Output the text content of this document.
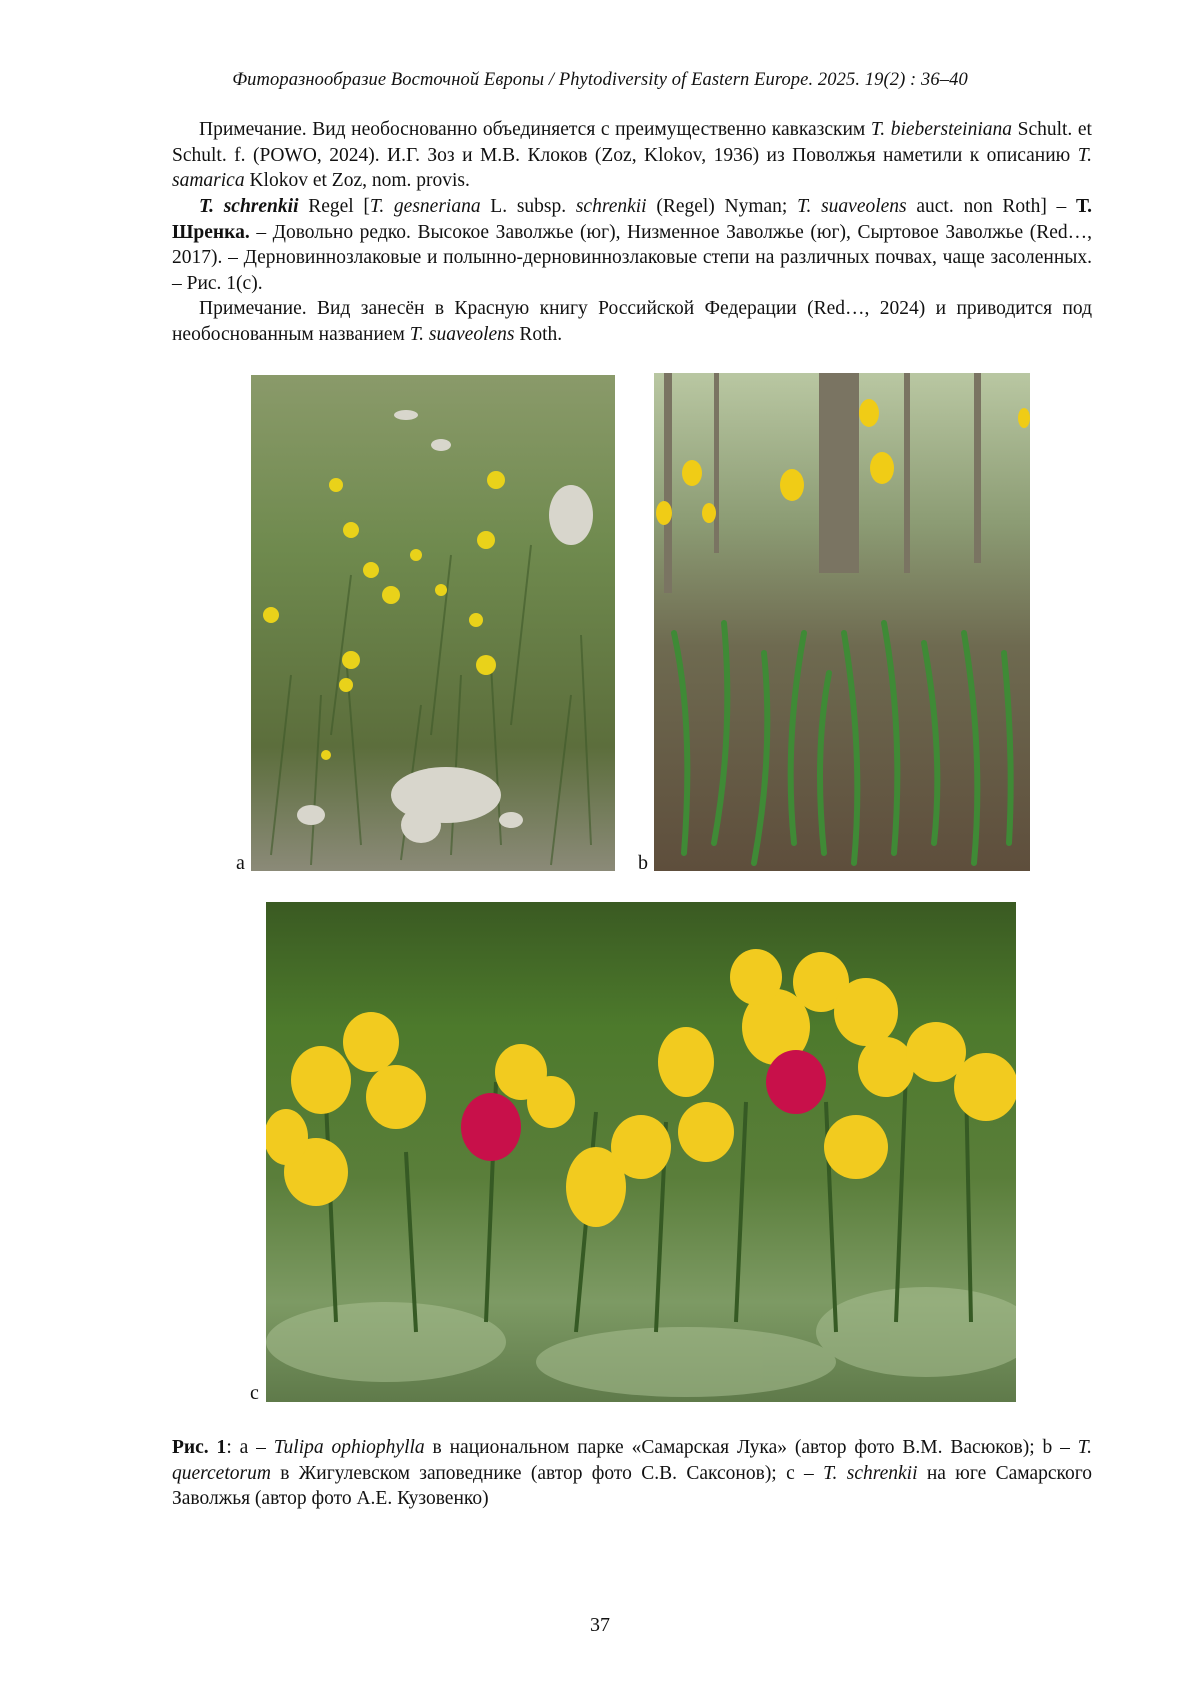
Фиторазнообразие Восточной Европы / Phytodiversity of Eastern Europe. 2025. 19(2) : 36–40

Примечание. Вид необоснованно объединяется с преимущественно кавказским T. biebersteiniana Schult. et Schult. f. (POWO, 2024). И.Г. Зоз и М.В. Клоков (Zoz, Klokov, 1936) из Поволжья наметили к описанию T. samarica Klokov et Zoz, nom. provis.

T. schrenkii Regel [T. gesneriana L. subsp. schrenkii (Regel) Nyman; T. suaveolens auct. non Roth] – Т. Шренка. – Довольно редко. Высокое Заволжье (юг), Низменное Заволжье (юг), Сыртовое Заволжье (Red…, 2017). – Дерновиннозлаковые и полынно-дерновиннозлаковые степи на различных почвах, чаще засоленных. – Рис. 1(c).

Примечание. Вид занесён в Красную книгу Российской Федерации (Red…, 2024) и приводится под необоснованным названием T. suaveolens Roth.

a	b
c
Рис. 1: a – Tulipa ophiophylla в национальном парке «Самарская Лука» (автор фото В.М. Васюков); b – T. quercetorum в Жигулевском заповеднике (автор фото С.В. Саксонов); c – T. schrenkii на юге Самарского Заволжья (автор фото А.Е. Кузовенко)
37
